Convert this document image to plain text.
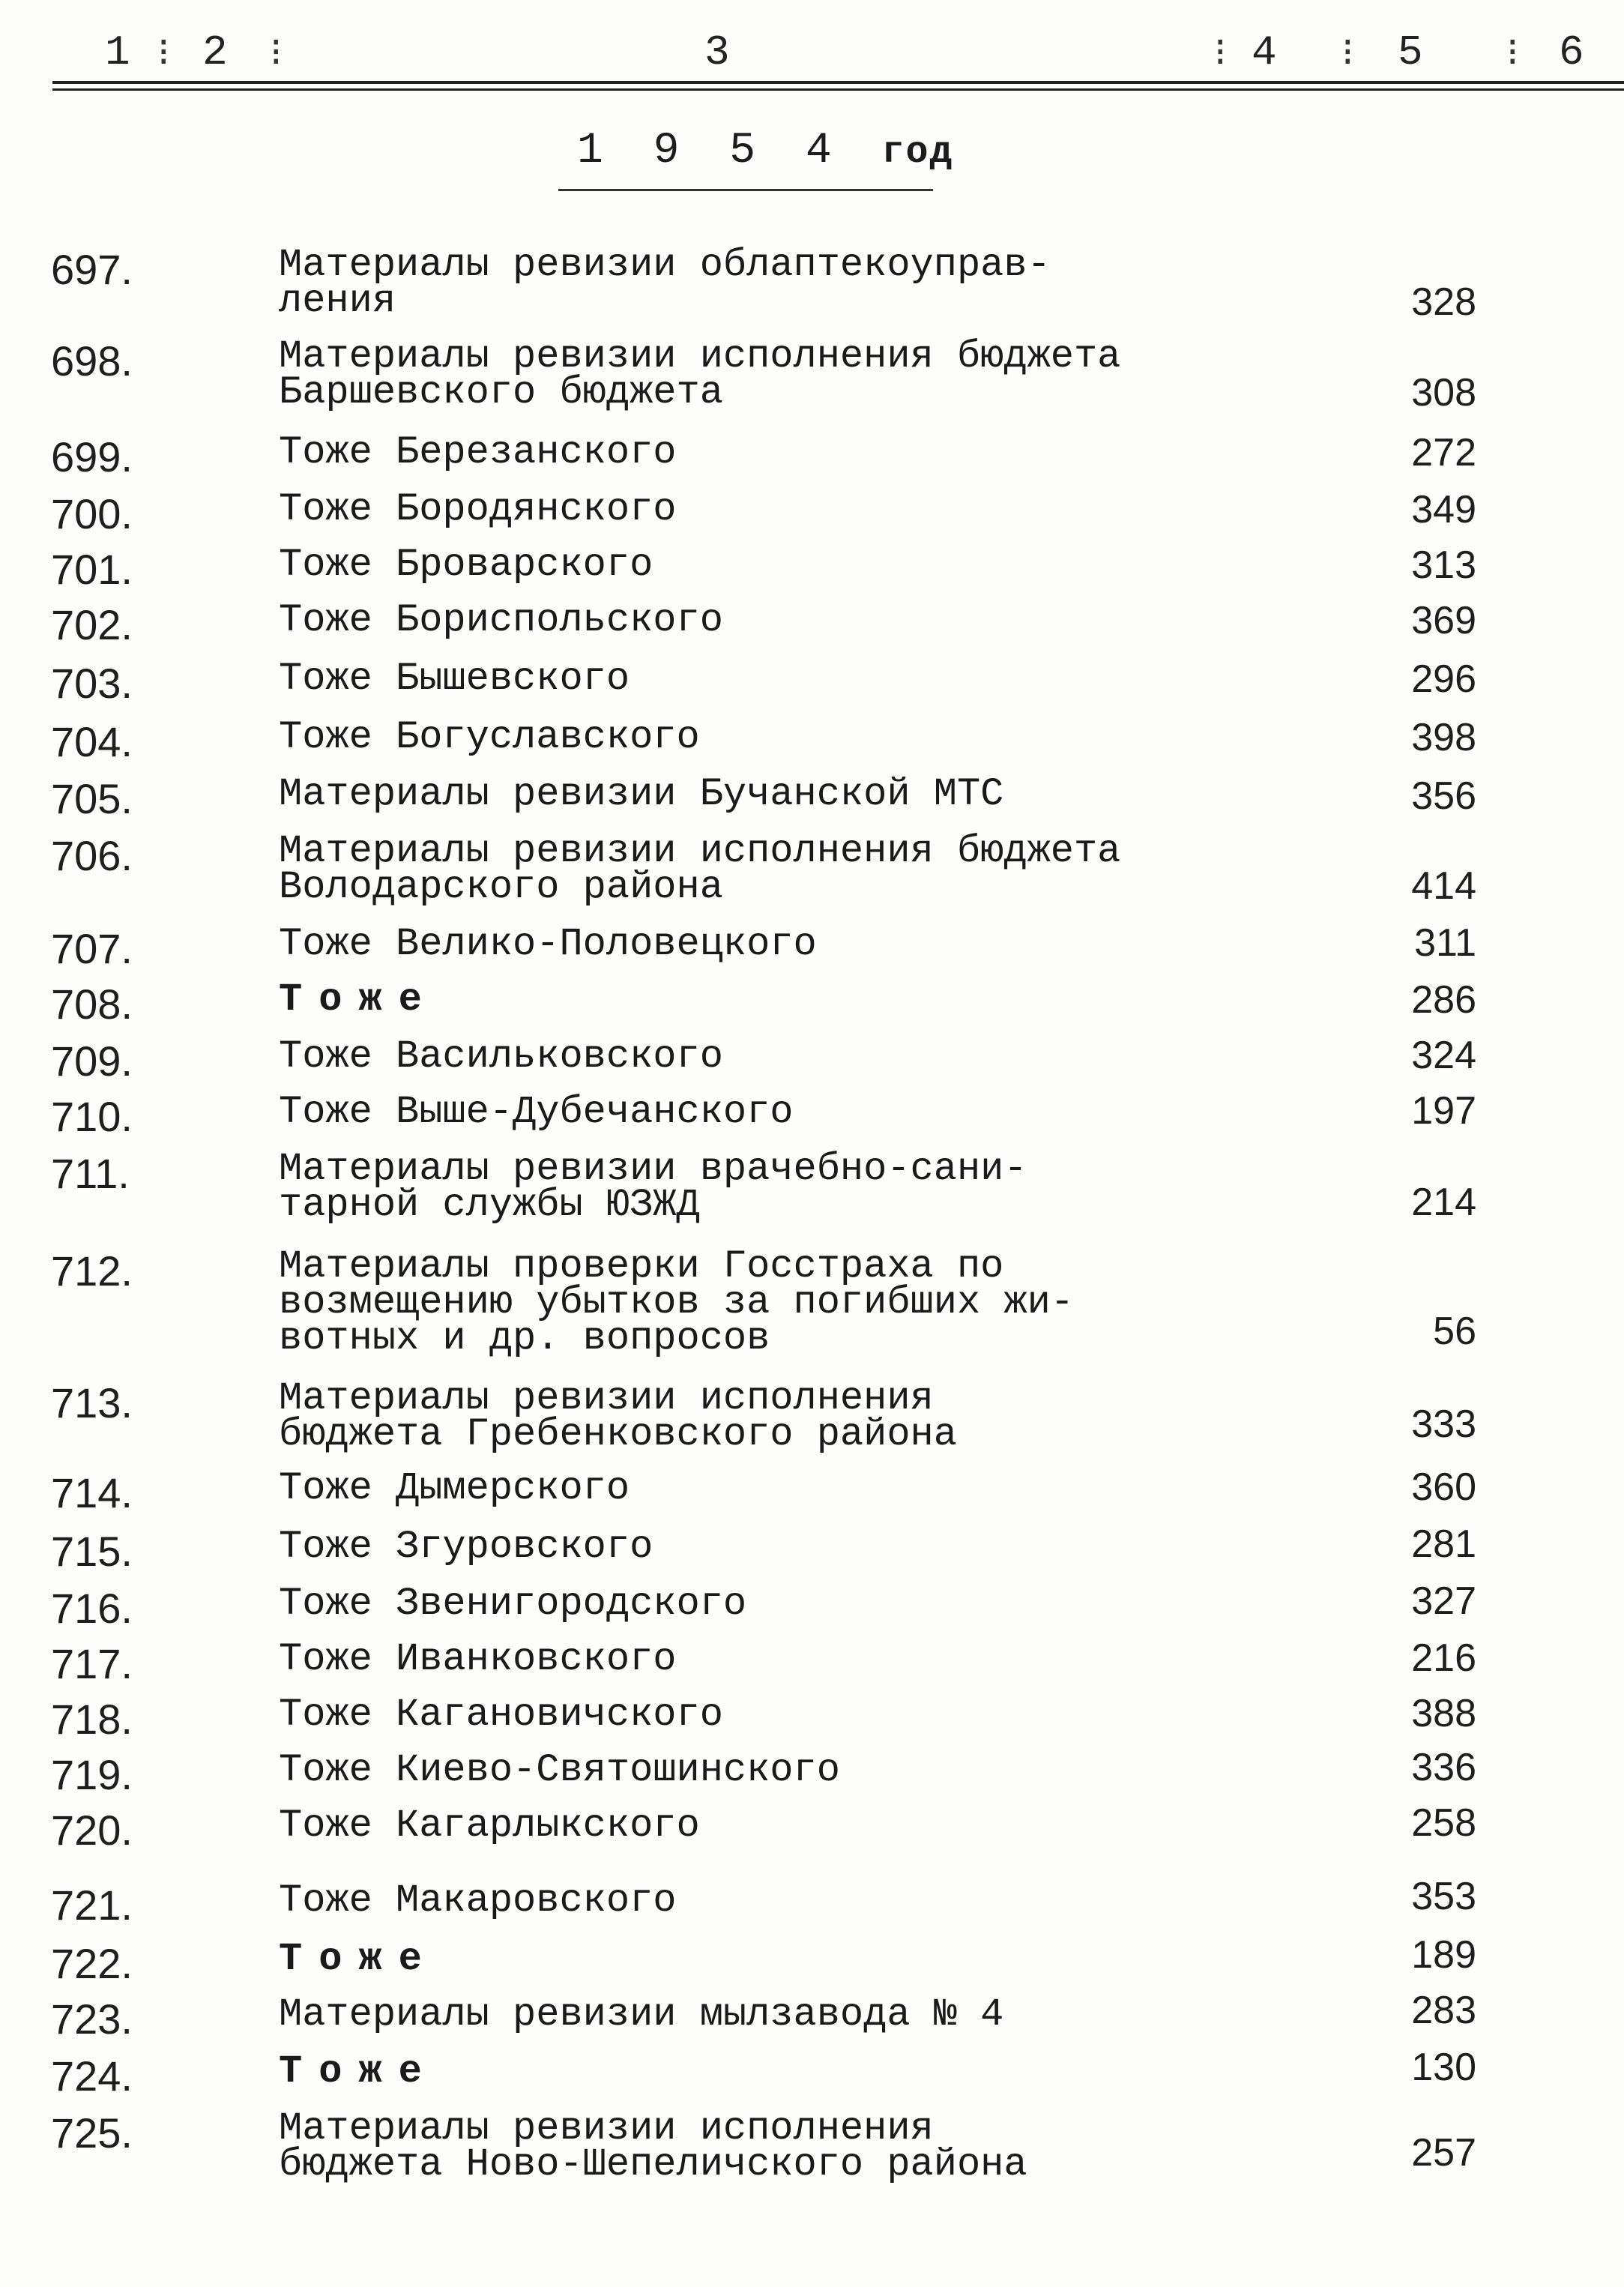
1 ⁝ 2 ⁝	3	⁝ 4 ⁝ 5 ⁝ 6
1 9 5 4 год
697.	Материалы ревизии облаптекоуправ-
ления	328
698.	Материалы ревизии исполнения бюджета
Баршевского бюджета	308
699.	Тоже Березанского	272
700.	Тоже Бородянского	349
701.	Тоже Броварского	313
702.	Тоже Бориспольского	369
703.	Тоже Бышевского	296
704.	Тоже Богуславского	398
705.	Материалы ревизии Бучанской МТС	356
706.	Материалы ревизии исполнения бюджета
Володарского района	414
707.	Тоже Велико-Половецкого	311
708.	Тоже	286
709.	Тоже Васильковского	324
710.	Тоже Выше-Дубечанского	197
711.	Материалы ревизии врачебно-сани-
тарной службы ЮЗЖД	214
712.	Материалы проверки Госстраха по
возмещению убытков за погибших жи-
вотных и др. вопросов	56
713.	Материалы ревизии исполнения
бюджета Гребенковского района	333
714.	Тоже Дымерского	360
715.	Тоже Згуровского	281
716.	Тоже Звенигородского	327
717.	Тоже Иванковского	216
718.	Тоже Кагановичского	388
719.	Тоже Киево-Святошинского	336
720.	Тоже Кагарлыкского	258
721.	Тоже Макаровского	353
722.	Тоже	189
723.	Материалы ревизии мылзавода № 4	283
724.	Тоже	130
725.	Материалы ревизии исполнения
бюджета Ново-Шепеличского района	257
